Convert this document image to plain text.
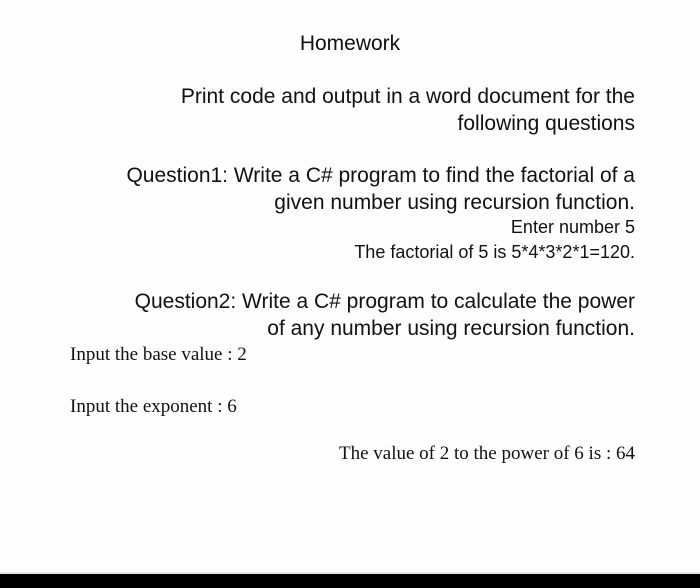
Homework
Print code and output in a word document for the
following questions
Question1: Write a C# program to find the factorial of a
given number using recursion function.
Enter number 5
The factorial of 5 is 5*4*3*2*1=120.
Question2: Write a C# program to calculate the power
of any number using recursion function.
Input the base value : 2
Input the exponent : 6
The value of 2 to the power of 6 is : 64
